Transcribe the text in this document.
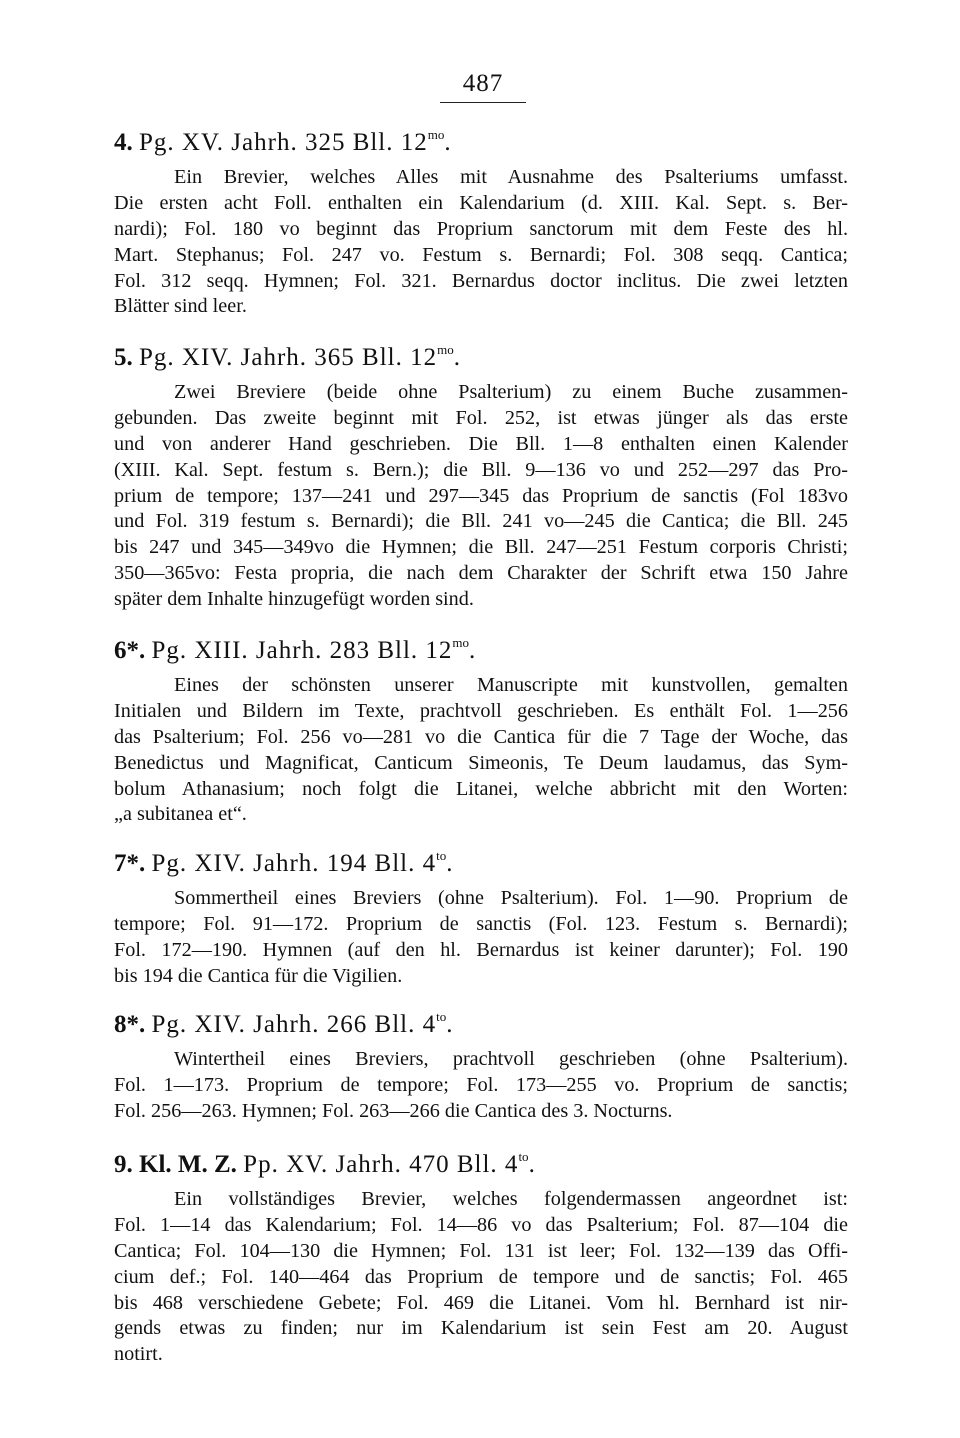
487

4. Pg. XV. Jahrh. 325 Bll. $12^{mo}$.

Ein Brevier, welches Alles mit Ausnahme des Psalteriums umfasst.
Die ersten acht Foll. enthalten ein Kalendarium (d. XIII. Kal. Sept. s. Ber-
nardi); Fol. 180 vo beginnt das Proprium sanctorum mit dem Feste des hl.
Mart. Stephanus; Fol. 247 vo. Festum s. Bernardi; Fol. 308 seqq. Cantica;
Fol. 312 seqq. Hymnen; Fol. 321. Bernardus doctor inclitus. Die zwei letzten
Blätter sind leer.

5. Pg. XIV. Jahrh. 365 Bll. $12^{mo}$.

Zwei Breviere (beide ohne Psalterium) zu einem Buche zusammen-
gebunden. Das zweite beginnt mit Fol. 252, ist etwas jünger als das erste
und von anderer Hand geschrieben. Die Bll. 1—8 enthalten einen Kalender
(XIII. Kal. Sept. festum s. Bern.); die Bll. 9—136 vo und 252—297 das Pro-
prium de tempore; 137—241 und 297—345 das Proprium de sanctis (Fol 183vo
und Fol. 319 festum s. Bernardi); die Bll. 241 vo—245 die Cantica; die Bll. 245
bis 247 und 345—349vo die Hymnen; die Bll. 247—251 Festum corporis Christi;
350—365vo: Festa propria, die nach dem Charakter der Schrift etwa 150 Jahre
später dem Inhalte hinzugefügt worden sind.

6*. Pg. XIII. Jahrh. 283 Bll. $12^{mo}$.

Eines der schönsten unserer Manuscripte mit kunstvollen, gemalten
Initialen und Bildern im Texte, prachtvoll geschrieben. Es enthält Fol. 1—256
das Psalterium; Fol. 256 vo—281 vo die Cantica für die 7 Tage der Woche, das
Benedictus und Magnificat, Canticum Simeonis, Te Deum laudamus, das Sym-
bolum Athanasium; noch folgt die Litanei, welche abbricht mit den Worten:
„a subitanea et“.

7*. Pg. XIV. Jahrh. 194 Bll. $4^{to}$.

Sommertheil eines Breviers (ohne Psalterium). Fol. 1—90. Proprium de
tempore; Fol. 91—172. Proprium de sanctis (Fol. 123. Festum s. Bernardi);
Fol. 172—190. Hymnen (auf den hl. Bernardus ist keiner darunter); Fol. 190
bis 194 die Cantica für die Vigilien.

8*. Pg. XIV. Jahrh. 266 Bll. $4^{to}$.

Wintertheil eines Breviers, prachtvoll geschrieben (ohne Psalterium).
Fol. 1—173. Proprium de tempore; Fol. 173—255 vo. Proprium de sanctis;
Fol. 256—263. Hymnen; Fol. 263—266 die Cantica des 3. Nocturns.

9. Kl. M. Z. Pp. XV. Jahrh. 470 Bll. $4^{to}$.

Ein vollständiges Brevier, welches folgendermassen angeordnet ist:
Fol. 1—14 das Kalendarium; Fol. 14—86 vo das Psalterium; Fol. 87—104 die
Cantica; Fol. 104—130 die Hymnen; Fol. 131 ist leer; Fol. 132—139 das Offi-
cium def.; Fol. 140—464 das Proprium de tempore und de sanctis; Fol. 465
bis 468 verschiedene Gebete; Fol. 469 die Litanei. Vom hl. Bernhard ist nir-
gends etwas zu finden; nur im Kalendarium ist sein Fest am 20. August
notirt.
